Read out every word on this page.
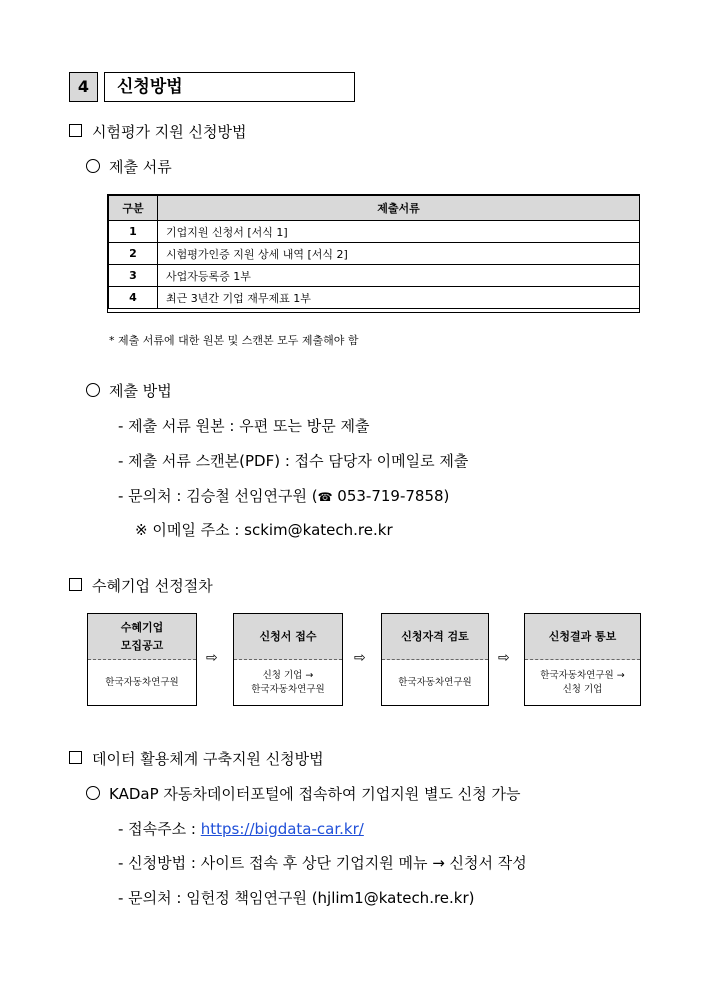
4	신청방법
시험평가 지원 신청방법
제출 서류
구분	제출서류
1	기업지원 신청서 [서식 1]
2	시험평가인증 지원 상세 내역 [서식 2]
3	사업자등록증 1부
4	최근 3년간 기업 재무제표 1부
* 제출 서류에 대한 원본 및 스캔본 모두 제출해야 함
제출 방법
- 제출 서류 원본 : 우편 또는 방문 제출
- 제출 서류 스캔본(PDF) : 접수 담당자 이메일로 제출
- 문의처 : 김승철 선임연구원 (☎ 053-719-7858)
※ 이메일 주소 : sckim@katech.re.kr
수혜기업 선정절차
수혜기업
모집공고
한국자동차연구원
⇨
신청서 접수
신청 기업 →
한국자동차연구원
⇨
신청자격 검토
한국자동차연구원
⇨
신청결과 통보
한국자동차연구원 →
신청 기업
데이터 활용체계 구축지원 신청방법
KADaP 자동차데이터포털에 접속하여 기업지원 별도 신청 가능
- 접속주소 : https://bigdata-car.kr/
- 신청방법 : 사이트 접속 후 상단 기업지원 메뉴 → 신청서 작성
- 문의처 : 임헌정 책임연구원 (hjlim1@katech.re.kr)
